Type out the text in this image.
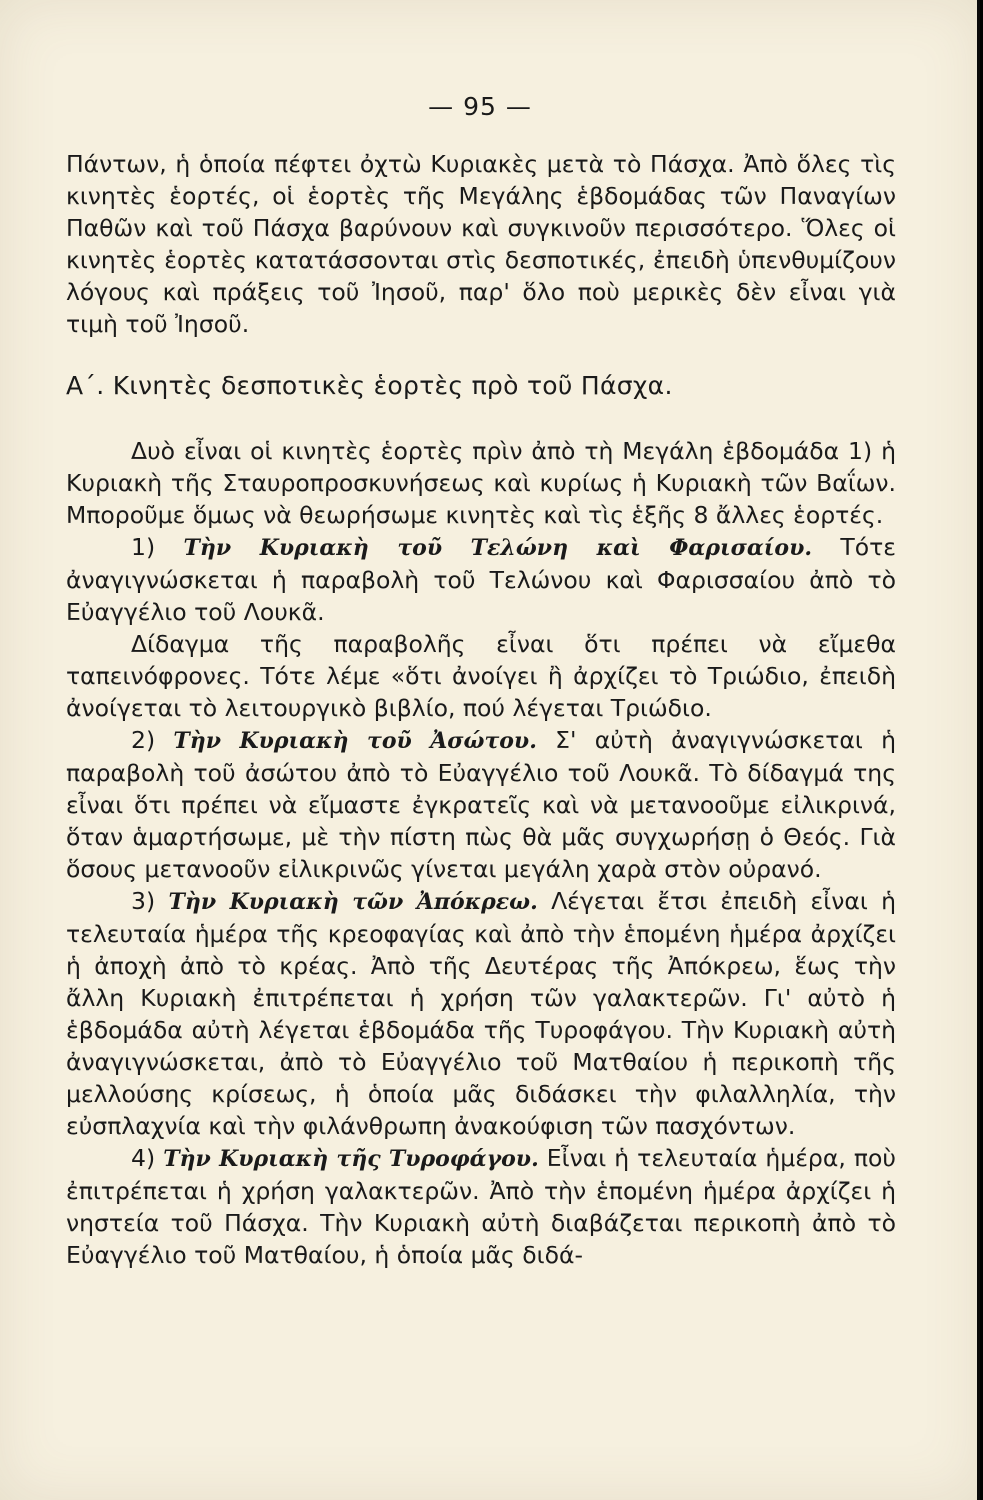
— 95 —

Πάντων, ἡ ὁποία πέφτει ὀχτὼ Κυριακὲς μετὰ τὸ Πάσχα. Ἀπὸ ὅλες τὶς κινητὲς ἑορτές, οἱ ἑορτὲς τῆς Μεγάλης ἑβδομάδας τῶν Παναγίων Παθῶν καὶ τοῦ Πάσχα βαρύνουν καὶ συγκινοῦν περισσότερο. Ὅλες οἱ κινητὲς ἑορτὲς κατατάσσονται στὶς δεσποτικές, ἐπειδὴ ὑπενθυμίζουν λόγους καὶ πράξεις τοῦ Ἰησοῦ, παρ' ὅλο ποὺ μερικὲς δὲν εἶναι γιὰ τιμὴ τοῦ Ἰησοῦ.

Α΄. Κινητὲς δεσποτικὲς ἑορτὲς πρὸ τοῦ Πάσχα.

Δυὸ εἶναι οἱ κινητὲς ἑορτὲς πρὶν ἀπὸ τὴ Μεγάλη ἑβδομάδα 1) ἡ Κυριακὴ τῆς Σταυροπροσκυνήσεως καὶ κυρίως ἡ Κυριακὴ τῶν Βαΐων. Μποροῦμε ὅμως νὰ θεωρήσωμε κινητὲς καὶ τὶς ἑξῆς 8 ἄλλες ἑορτές.

1) Τὴν Κυριακὴ τοῦ Τελώνη καὶ Φαρισαίου. Τότε ἀναγιγνώσκεται ἡ παραβολὴ τοῦ Τελώνου καὶ Φαρισσαίου ἀπὸ τὸ Εὐαγγέλιο τοῦ Λουκᾶ.

Δίδαγμα τῆς παραβολῆς εἶναι ὅτι πρέπει νὰ εἴμεθα ταπεινόφρονες. Τότε λέμε «ὅτι ἀνοίγει ἢ ἀρχίζει τὸ Τριώδιο, ἐπειδὴ ἀνοίγεται τὸ λειτουργικὸ βιβλίο, πού λέγεται Τριώδιο.

2) Τὴν Κυριακὴ τοῦ Ἀσώτου. Σ' αὐτὴ ἀναγιγνώσκεται ἡ παραβολὴ τοῦ ἀσώτου ἀπὸ τὸ Εὐαγγέλιο τοῦ Λουκᾶ. Τὸ δίδαγμά της εἶναι ὅτι πρέπει νὰ εἴμαστε ἐγκρατεῖς καὶ νὰ μετανοοῦμε εἰλικρινά, ὅταν ἁμαρτήσωμε, μὲ τὴν πίστη πὼς θὰ μᾶς συγχωρήσῃ ὁ Θεός. Γιὰ ὅσους μετανοοῦν εἰλικρινῶς γίνεται μεγάλη χαρὰ στὸν οὐρανό.

3) Τὴν Κυριακὴ τῶν Ἀπόκρεω. Λέγεται ἔτσι ἐπειδὴ εἶναι ἡ τελευταία ἡμέρα τῆς κρεοφαγίας καὶ ἀπὸ τὴν ἑπομένη ἡμέρα ἀρχίζει ἡ ἀποχὴ ἀπὸ τὸ κρέας. Ἀπὸ τῆς Δευτέρας τῆς Ἀπόκρεω, ἕως τὴν ἄλλη Κυριακὴ ἐπιτρέπεται ἡ χρήση τῶν γαλακτερῶν. Γι' αὐτὸ ἡ ἑβδομάδα αὐτὴ λέγεται ἑβδομάδα τῆς Τυροφάγου. Τὴν Κυριακὴ αὐτὴ ἀναγιγνώσκεται, ἀπὸ τὸ Εὐαγγέλιο τοῦ Ματθαίου ἡ περικοπὴ τῆς μελλούσης κρίσεως, ἡ ὁποία μᾶς διδάσκει τὴν φιλαλληλία, τὴν εὐσπλαχνία καὶ τὴν φιλάνθρωπη ἀνακούφιση τῶν πασχόντων.

4) Τὴν Κυριακὴ τῆς Τυροφάγου. Εἶναι ἡ τελευταία ἡμέρα, ποὺ ἐπιτρέπεται ἡ χρήση γαλακτερῶν. Ἀπὸ τὴν ἑπομένη ἡμέρα ἀρχίζει ἡ νηστεία τοῦ Πάσχα. Τὴν Κυριακὴ αὐτὴ διαβάζεται περικοπὴ ἀπὸ τὸ Εὐαγγέλιο τοῦ Ματθαίου, ἡ ὁποία μᾶς διδά-
